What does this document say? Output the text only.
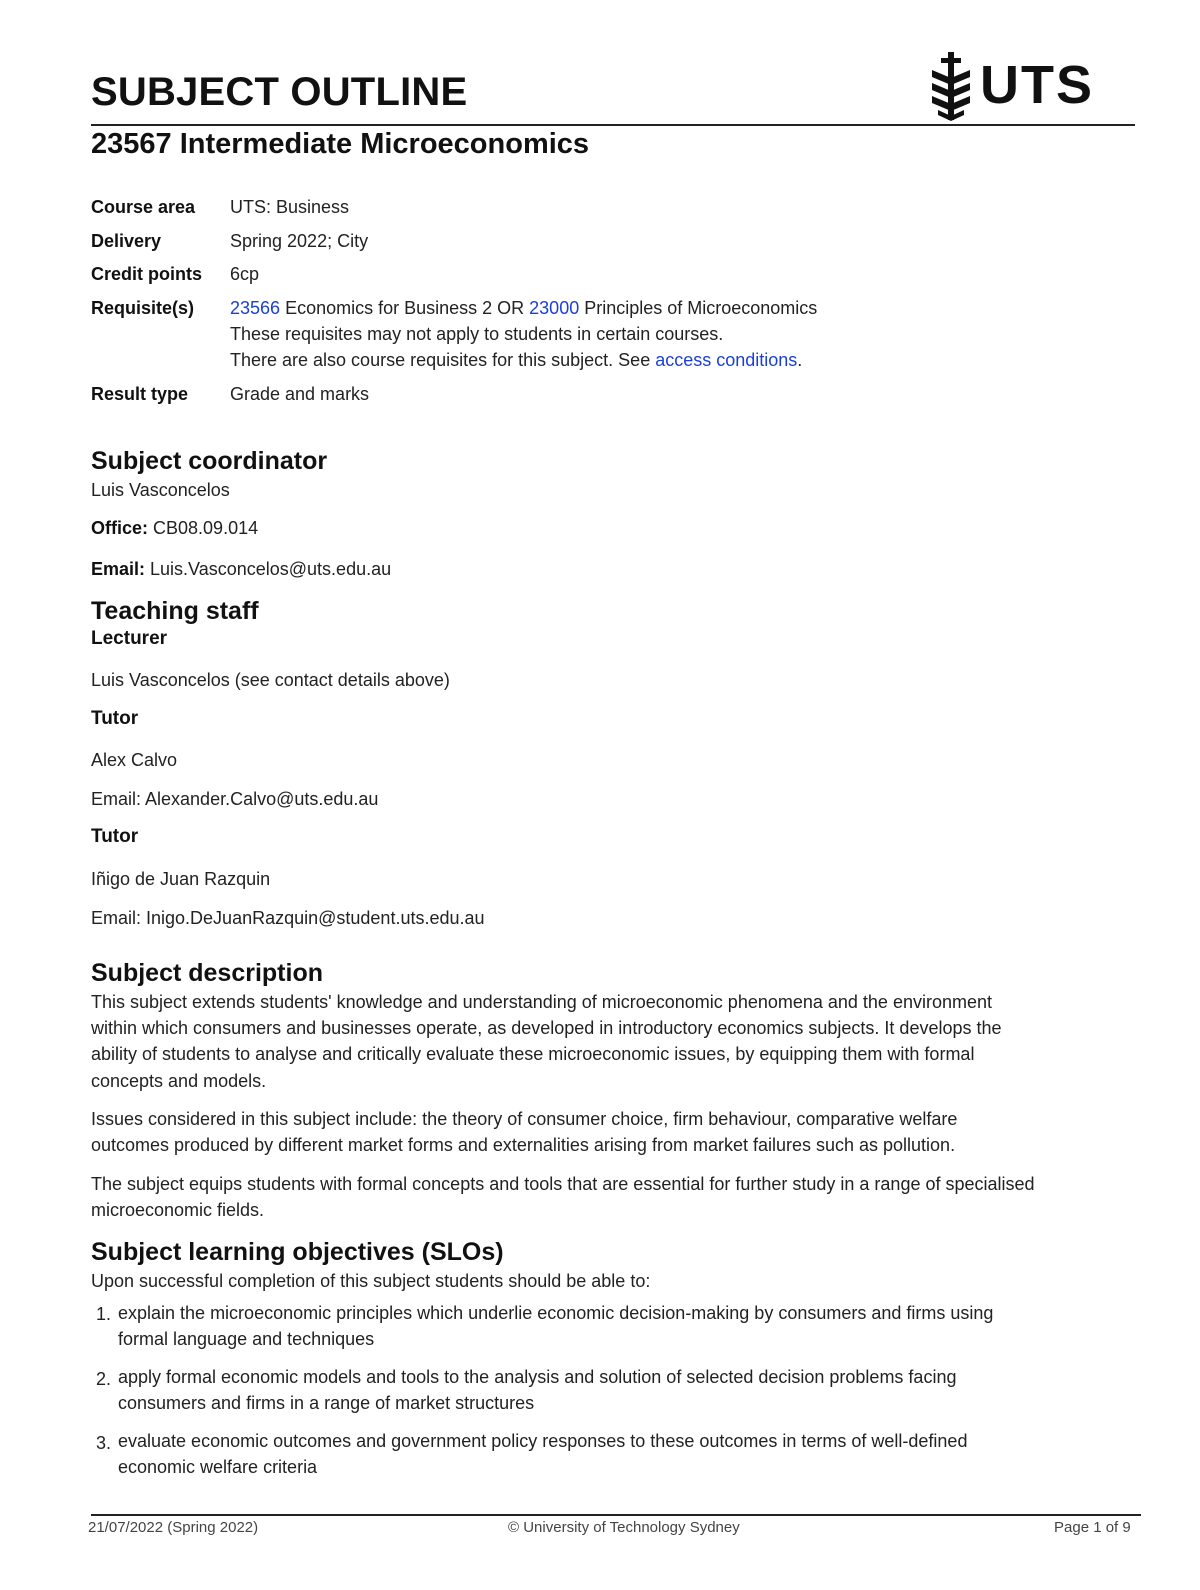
SUBJECT OUTLINE	UTS
23567 Intermediate Microeconomics
Course area	UTS: Business
Delivery	Spring 2022; City
Credit points	6cp
Requisite(s)	23566 Economics for Business 2 OR 23000 Principles of Microeconomics
These requisites may not apply to students in certain courses.
There are also course requisites for this subject. See access conditions.
Result type	Grade and marks
Subject coordinator

Luis Vasconcelos

Office: CB08.09.014

Email: Luis.Vasconcelos@uts.edu.au

Teaching staff
Lecturer

Luis Vasconcelos (see contact details above)

Tutor

Alex Calvo

Email: Alexander.Calvo@uts.edu.au

Tutor

Iñigo de Juan Razquin

Email: Inigo.DeJuanRazquin@student.uts.edu.au

Subject description

This subject extends students' knowledge and understanding of microeconomic phenomena and the environment

within which consumers and businesses operate, as developed in introductory economics subjects. It develops the

ability of students to analyse and critically evaluate these microeconomic issues, by equipping them with formal

concepts and models.

Issues considered in this subject include: the theory of consumer choice, firm behaviour, comparative welfare

outcomes produced by different market forms and externalities arising from market failures such as pollution.

The subject equips students with formal concepts and tools that are essential for further study in a range of specialised

microeconomic fields.

Subject learning objectives (SLOs)

Upon successful completion of this subject students should be able to:

1. explain the microeconomic principles which underlie economic decision-making by consumers and firms using

formal language and techniques

2. apply formal economic models and tools to the analysis and solution of selected decision problems facing

consumers and firms in a range of market structures

3. evaluate economic outcomes and government policy responses to these outcomes in terms of well-defined

economic welfare criteria

21/07/2022 (Spring 2022)	© University of Technology Sydney	Page 1 of 9
